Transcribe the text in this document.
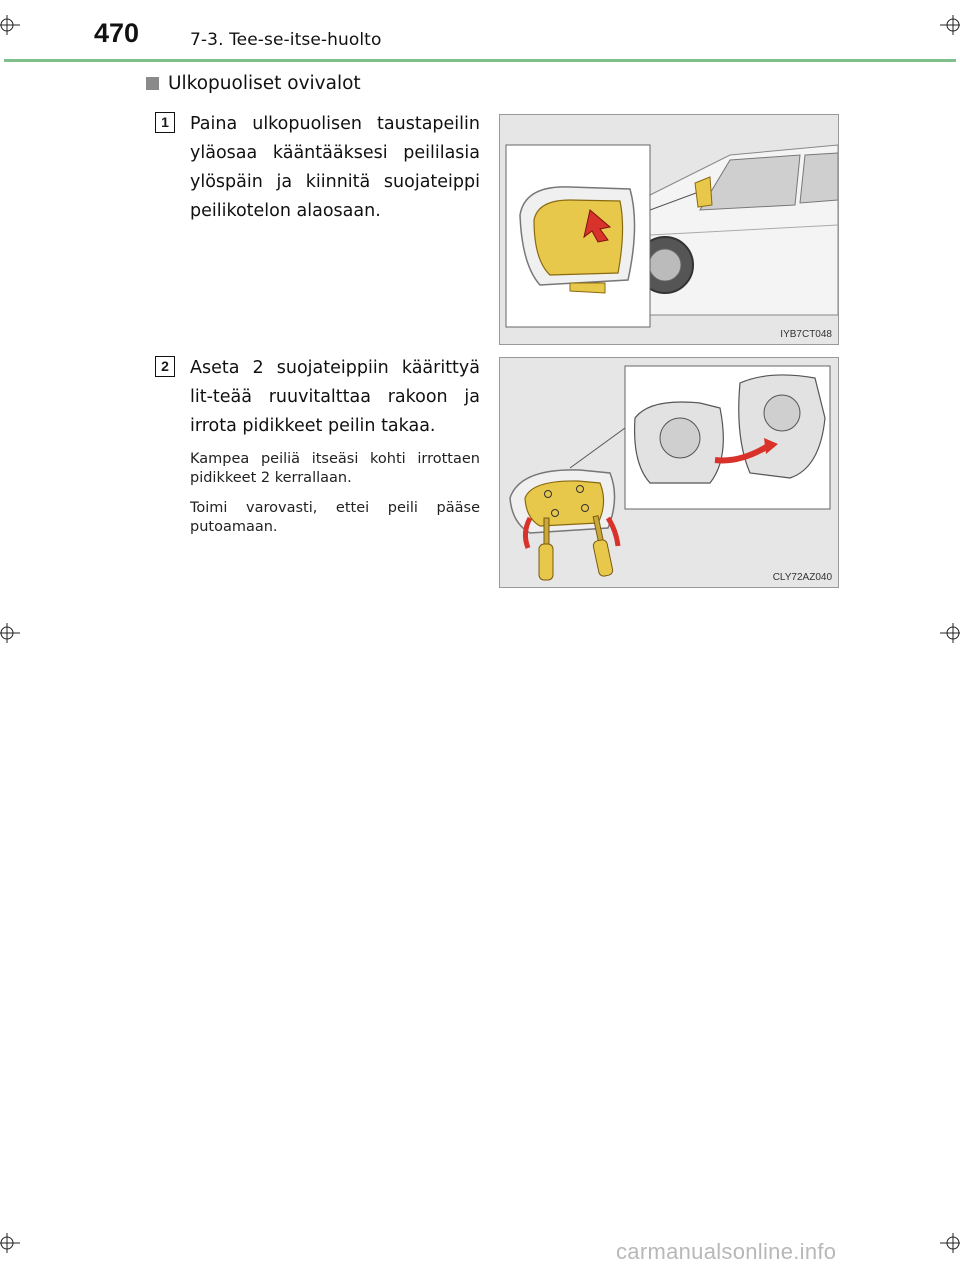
470	7-3. Tee-se-itse-huolto
Ulkopuoliset ovivalot
1	Paina ulkopuolisen taustapeilin yläosaa kääntääksesi peililasia ylöspäin ja kiinnitä suojateippi peilikotelon alaosaan.
IYB7CT048
2	Aseta 2 suojateippiin käärittyä lit-teää ruuvitalttaa rakoon ja irrota pidikkeet peilin takaa.
Kampea peiliä itseäsi kohti irrottaen pidikkeet 2 kerrallaan.
Toimi varovasti, ettei peili pääse putoamaan.
CLY72AZ040
carmanualsonline.info
